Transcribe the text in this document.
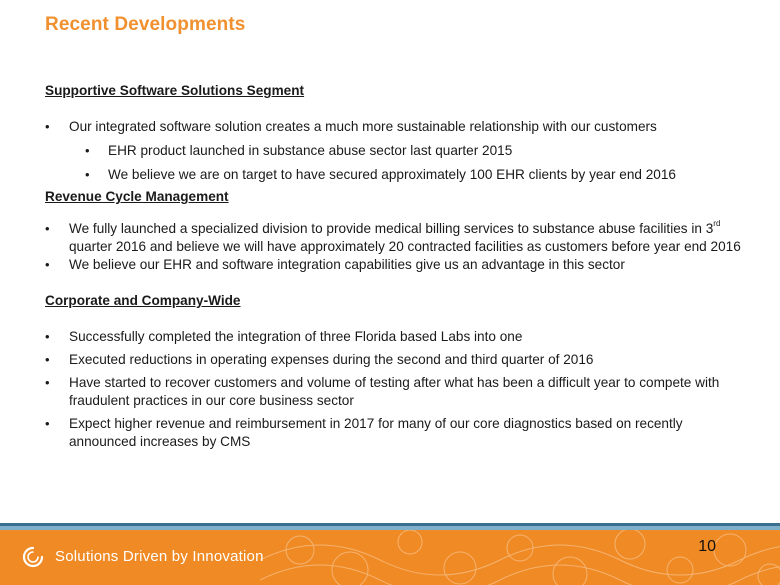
Recent Developments
Supportive Software Solutions Segment
• Our integrated software solution creates a much more sustainable relationship with our customers
• EHR product launched in substance abuse sector last quarter 2015
• We believe we are on target to have secured approximately 100 EHR clients by year end 2016
Revenue Cycle Management
• We fully launched a specialized division to provide medical billing services to substance abuse facilities in 3rd quarter 2016 and believe we will have approximately 20 contracted facilities as customers before year end 2016
• We believe our EHR and software integration capabilities give us an advantage in this sector
Corporate and Company-Wide
• Successfully completed the integration of three Florida based Labs into one
• Executed reductions in operating expenses during the second and third quarter of 2016
• Have started to recover customers and volume of testing after what has been a difficult year to compete with fraudulent practices in our core business sector
• Expect higher revenue and reimbursement in 2017 for many of our core diagnostics based on recently announced increases by CMS
Solutions Driven by Innovation
10
